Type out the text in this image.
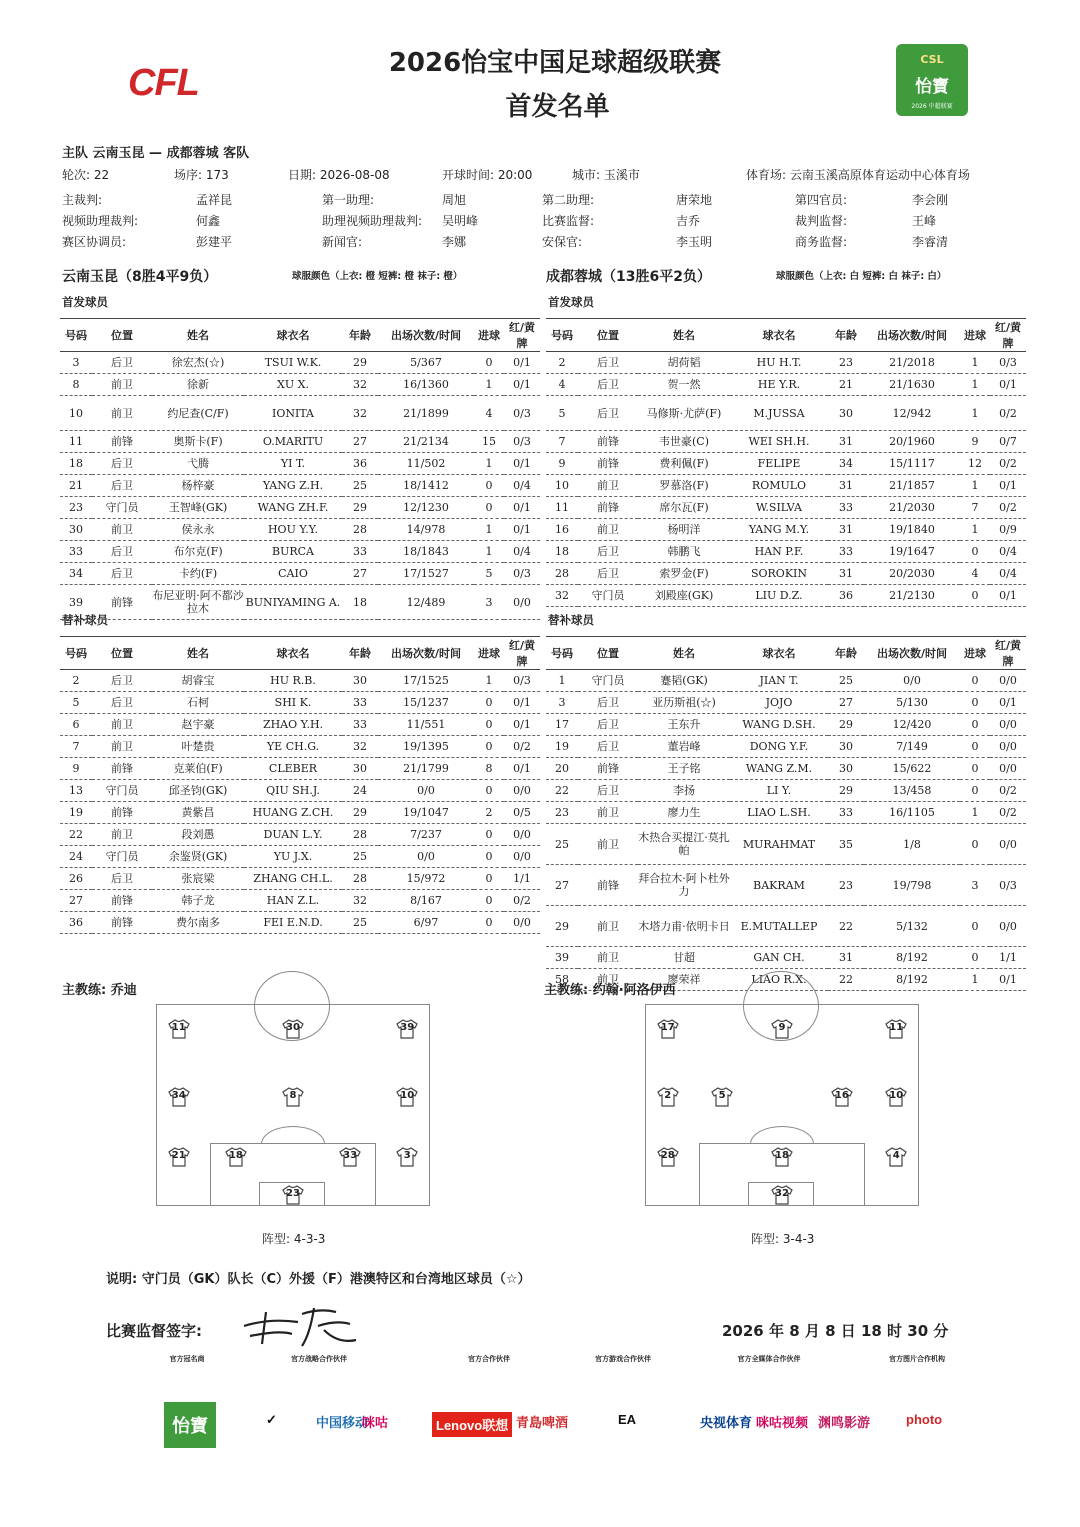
CFL	2026怡宝中国足球超级联赛
首发名单
CSL
怡寶
2026 中超联赛
主队 云南玉昆 — 成都蓉城 客队
轮次: 22	场序: 173	日期: 2026-08-08	开球时间: 20:00	城市: 玉溪市	体育场: 云南玉溪高原体育运动中心体育场
主裁判:	孟祥昆	第一助理:	周旭	第二助理:	唐荣地	第四官员:	李会刚
视频助理裁判:	何鑫	助理视频助理裁判: 吴明峰	比赛监督:	吉乔	裁判监督:	王峰
赛区协调员:	彭建平	新闻官:	李娜	安保官:	李玉明	商务监督:	李睿清
云南玉昆（8胜4平9负）	球服颜色（上衣: 橙 短裤: 橙 袜子: 橙）	成都蓉城（13胜6平2负）	球服颜色（上衣: 白 短裤: 白 袜子: 白）
首发球员	首发球员
替补球员	替补球员
号码	位置	姓名	球衣名	年龄	出场次数/时间	进球	红/黄牌
3	后卫	徐宏杰(☆)	TSUI W.K.	29	5/367	0	0/1
8	前卫	徐新	XU X.	32	16/1360	1	0/1
10	前卫	约尼查(C/F)	IONITA	32	21/1899	4	0/3
11	前锋	奥斯卡(F)	O.MARITU	27	21/2134	15	0/3
18	后卫	弋腾	YI T.	36	11/502	1	0/1
21	后卫	杨梓豪	YANG Z.H.	25	18/1412	0	0/4
23	守门员	王智峰(GK)	WANG ZH.F.	29	12/1230	0	0/1
30	前卫	侯永永	HOU Y.Y.	28	14/978	1	0/1
33	后卫	布尔克(F)	BURCA	33	18/1843	1	0/4
34	后卫	卡约(F)	CAIO	27	17/1527	5	0/3
39	前锋	布尼亚明·阿不都沙拉木	BUNIYAMING A.	18	12/489	3	0/0
号码	位置	姓名	球衣名	年龄	出场次数/时间	进球	红/黄牌
2	后卫	胡荷韬	HU H.T.	23	21/2018	1	0/3
4	后卫	贺一然	HE Y.R.	21	21/1630	1	0/1
5	后卫	马修斯·尤萨(F)	M.JUSSA	30	12/942	1	0/2
7	前锋	韦世豪(C)	WEI SH.H.	31	20/1960	9	0/7
9	前锋	费利佩(F)	FELIPE	34	15/1117	12	0/2
10	前卫	罗慕洛(F)	ROMULO	31	21/1857	1	0/1
11	前锋	席尔瓦(F)	W.SILVA	33	21/2030	7	0/2
16	前卫	杨明洋	YANG M.Y.	31	19/1840	1	0/9
18	后卫	韩鹏飞	HAN P.F.	33	19/1647	0	0/4
28	后卫	索罗金(F)	SOROKIN	31	20/2030	4	0/4
32	守门员	刘殿座(GK)	LIU D.Z.	36	21/2130	0	0/1
号码	位置	姓名	球衣名	年龄	出场次数/时间	进球	红/黄牌
2	后卫	胡睿宝	HU R.B.	30	17/1525	1	0/3
5	后卫	石柯	SHI K.	33	15/1237	0	0/1
6	前卫	赵宇豪	ZHAO Y.H.	33	11/551	0	0/1
7	前卫	叶楚贵	YE CH.G.	32	19/1395	0	0/2
9	前锋	克莱伯(F)	CLEBER	30	21/1799	8	0/1
13	守门员	邱圣钧(GK)	QIU SH.J.	24	0/0	0	0/0
19	前锋	黄紫昌	HUANG Z.CH.	29	19/1047	2	0/5
22	前卫	段刘愚	DUAN L.Y.	28	7/237	0	0/0
24	守门员	余鉴贤(GK)	YU J.X.	25	0/0	0	0/0
26	后卫	张宸梁	ZHANG CH.L.	28	15/972	0	1/1
27	前锋	韩子龙	HAN Z.L.	32	8/167	0	0/2
36	前锋	费尔南多	FEI E.N.D.	25	6/97	0	0/0
号码	位置	姓名	球衣名	年龄	出场次数/时间	进球	红/黄牌
1	守门员	蹇韬(GK)	JIAN T.	25	0/0	0	0/0
3	后卫	亚历斯祖(☆)	JOJO	27	5/130	0	0/1
17	后卫	王东升	WANG D.SH.	29	12/420	0	0/0
19	后卫	董岩峰	DONG Y.F.	30	7/149	0	0/0
20	前锋	王子铭	WANG Z.M.	30	15/622	0	0/0
22	后卫	李扬	LI Y.	29	13/458	0	0/2
23	前卫	廖力生	LIAO L.SH.	33	16/1105	1	0/2
25	前卫	木热合买提江·莫扎帕	MURAHMAT	35	1/8	0	0/0
27	前锋	拜合拉木·阿卜杜外力	BAKRAM	23	19/798	3	0/3
29	前卫	木塔力甫·依明卡日	E.MUTALLEP	22	5/132	0	0/0
39	前卫	甘超	GAN CH.	31	8/192	0	1/1
58	前卫	廖荣祥	LIAO R.X.	22	8/192	1	0/1
主教练: 乔迪	主教练: 约翰·阿洛伊西
11	30	39
34	8	10
21	18	33	3
23
17	9	11
2	5	16	10
28	18	4
32
阵型: 4-3-3	阵型: 3-4-3
说明: 守门员（GK）队长（C）外援（F）港澳特区和台湾地区球员（☆）
比赛监督签字:	2026 年 8 月 8 日 18 时 30 分
官方冠名商	官方战略合作伙伴	官方合作伙伴	官方游戏合作伙伴	官方全媒体合作伙伴	官方图片合作机构
怡寶	✓	中国移动
咪咕	Lenovo联想 青島啤酒	EA	央视体育 咪咕视频 渊鸣影游	photo
